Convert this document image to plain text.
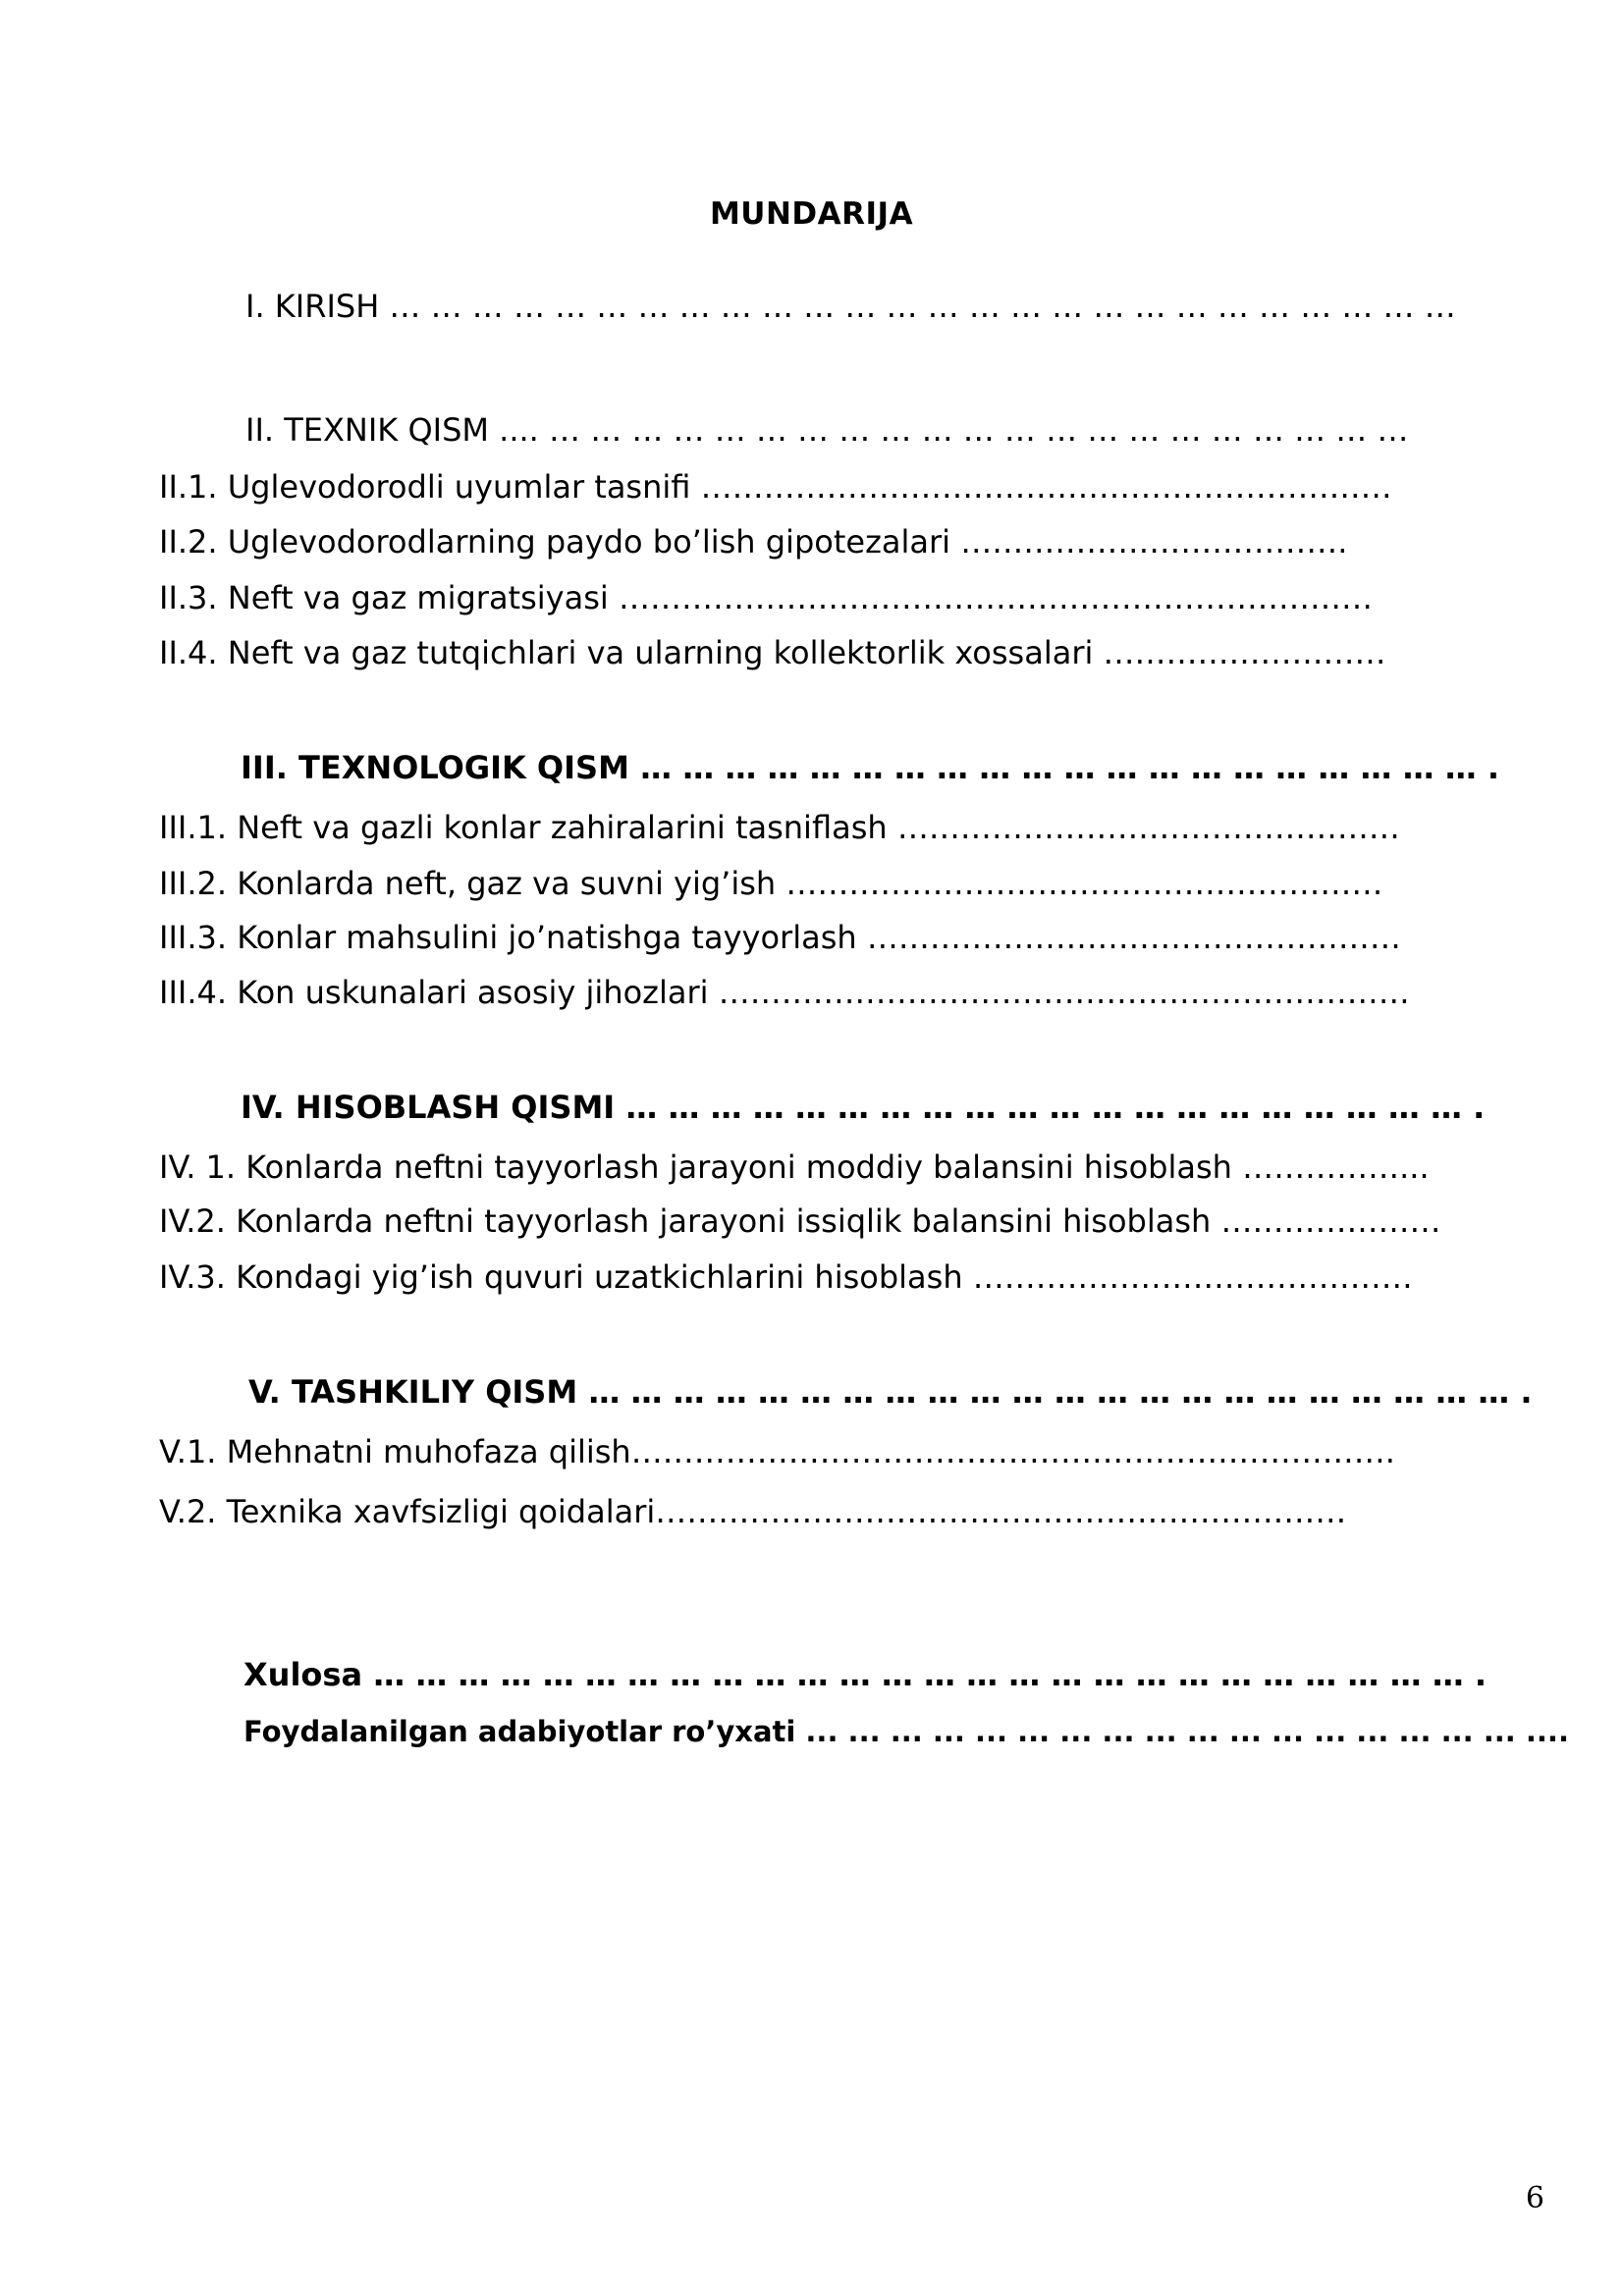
MUNDARIJA
I. KIRISH … … … … … … … … … … … … … … … … … … … … … … … … … …
II. TEXNIK QISM .... … … … … … … … … … … … … … … … … … … … … …
II.1. Uglevodorodli uyumlar tasnifi …………………………………………………………
II.2. Uglevodorodlarning paydo bo’lish gipotezalari ……………………………….
II.3. Neft va gaz migratsiyasi ………………………………………………………………
II.4. Neft va gaz tutqichlari va ularning kollektorlik xossalari ………………………
III. TEXNOLOGIK QISM … … … … … … … … … … … … … … … … … … … … .
III.1. Neft va gazli konlar zahiralarini tasniflash …………………………………………
III.2. Konlarda neft, gaz va suvni yig’ish …………………………………………………
III.3. Konlar mahsulini jo’natishga tayyorlash ……………………………………………
III.4. Kon uskunalari asosiy jihozlari …………………………………………………………
IV. HISOBLASH QISMI … … … … … … … … … … … … … … … … … … … … .
IV. 1. Konlarda neftni tayyorlash jarayoni moddiy balansini hisoblash ……………...
IV.2. Konlarda neftni tayyorlash jarayoni issiqlik balansini hisoblash …………………
IV.3. Kondagi yig’ish quvuri uzatkichlarini hisoblash ……………………………………
V. TASHKILIY QISM … … … … … … … … … … … … … … … … … … … … … … .
V.1. Mehnatni muhofaza qilish……………………………………………………………….
V.2. Texnika xavfsizligi qoidalari…………………………………………………………
Xulosa … … … … … … … … … … … … … … … … … … … … … … … … … … .
Foydalanilgan adabiyotlar ro’yxati ... ... ... ... ... ... ... ... ... ... ... ... ... ... ... ... ... ....
6
